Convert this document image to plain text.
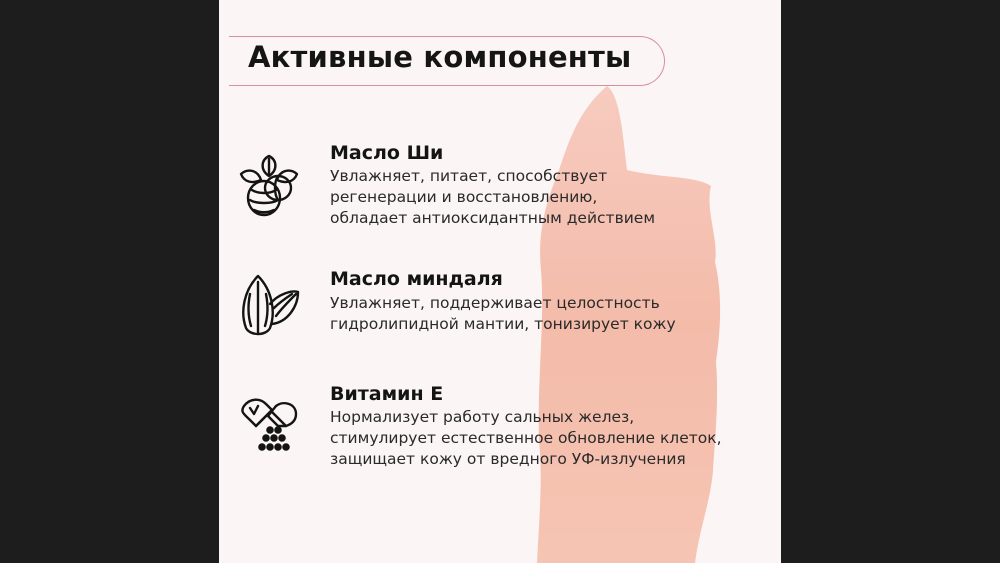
Активные компоненты
Масло Ши
Увлажняет, питает, способствует
регенерации и восстановлению,
обладает антиоксидантным действием
Масло миндаля
Увлажняет, поддерживает целостность
гидролипидной мантии, тонизирует кожу
Витамин Е
Нормализует работу сальных желез,
стимулирует естественное обновление клеток,
защищает кожу от вредного УФ-излучения
